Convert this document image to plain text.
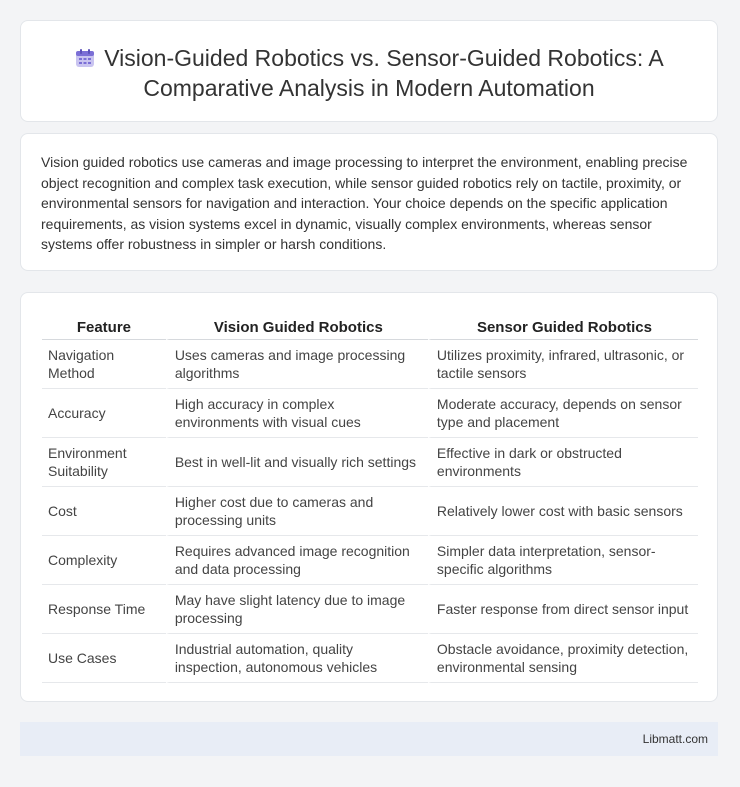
Vision-Guided Robotics vs. Sensor-Guided Robotics: A Comparative Analysis in Modern Automation

Vision guided robotics use cameras and image processing to interpret the environment, enabling precise object recognition and complex task execution, while sensor guided robotics rely on tactile, proximity, or environmental sensors for navigation and interaction. Your choice depends on the specific application requirements, as vision systems excel in dynamic, visually complex environments, whereas sensor systems offer robustness in simpler or harsh conditions.

Feature	Vision Guided Robotics	Sensor Guided Robotics
Navigation Method	Uses cameras and image processing algorithms	Utilizes proximity, infrared, ultrasonic, or tactile sensors
Accuracy	High accuracy in complex environments with visual cues	Moderate accuracy, depends on sensor type and placement
Environment Suitability	Best in well-lit and visually rich settings	Effective in dark or obstructed environments
Cost	Higher cost due to cameras and processing units	Relatively lower cost with basic sensors
Complexity	Requires advanced image recognition and data processing	Simpler data interpretation, sensor-specific algorithms
Response Time	May have slight latency due to image processing	Faster response from direct sensor input
Use Cases	Industrial automation, quality inspection, autonomous vehicles	Obstacle avoidance, proximity detection, environmental sensing
Libmatt.com
